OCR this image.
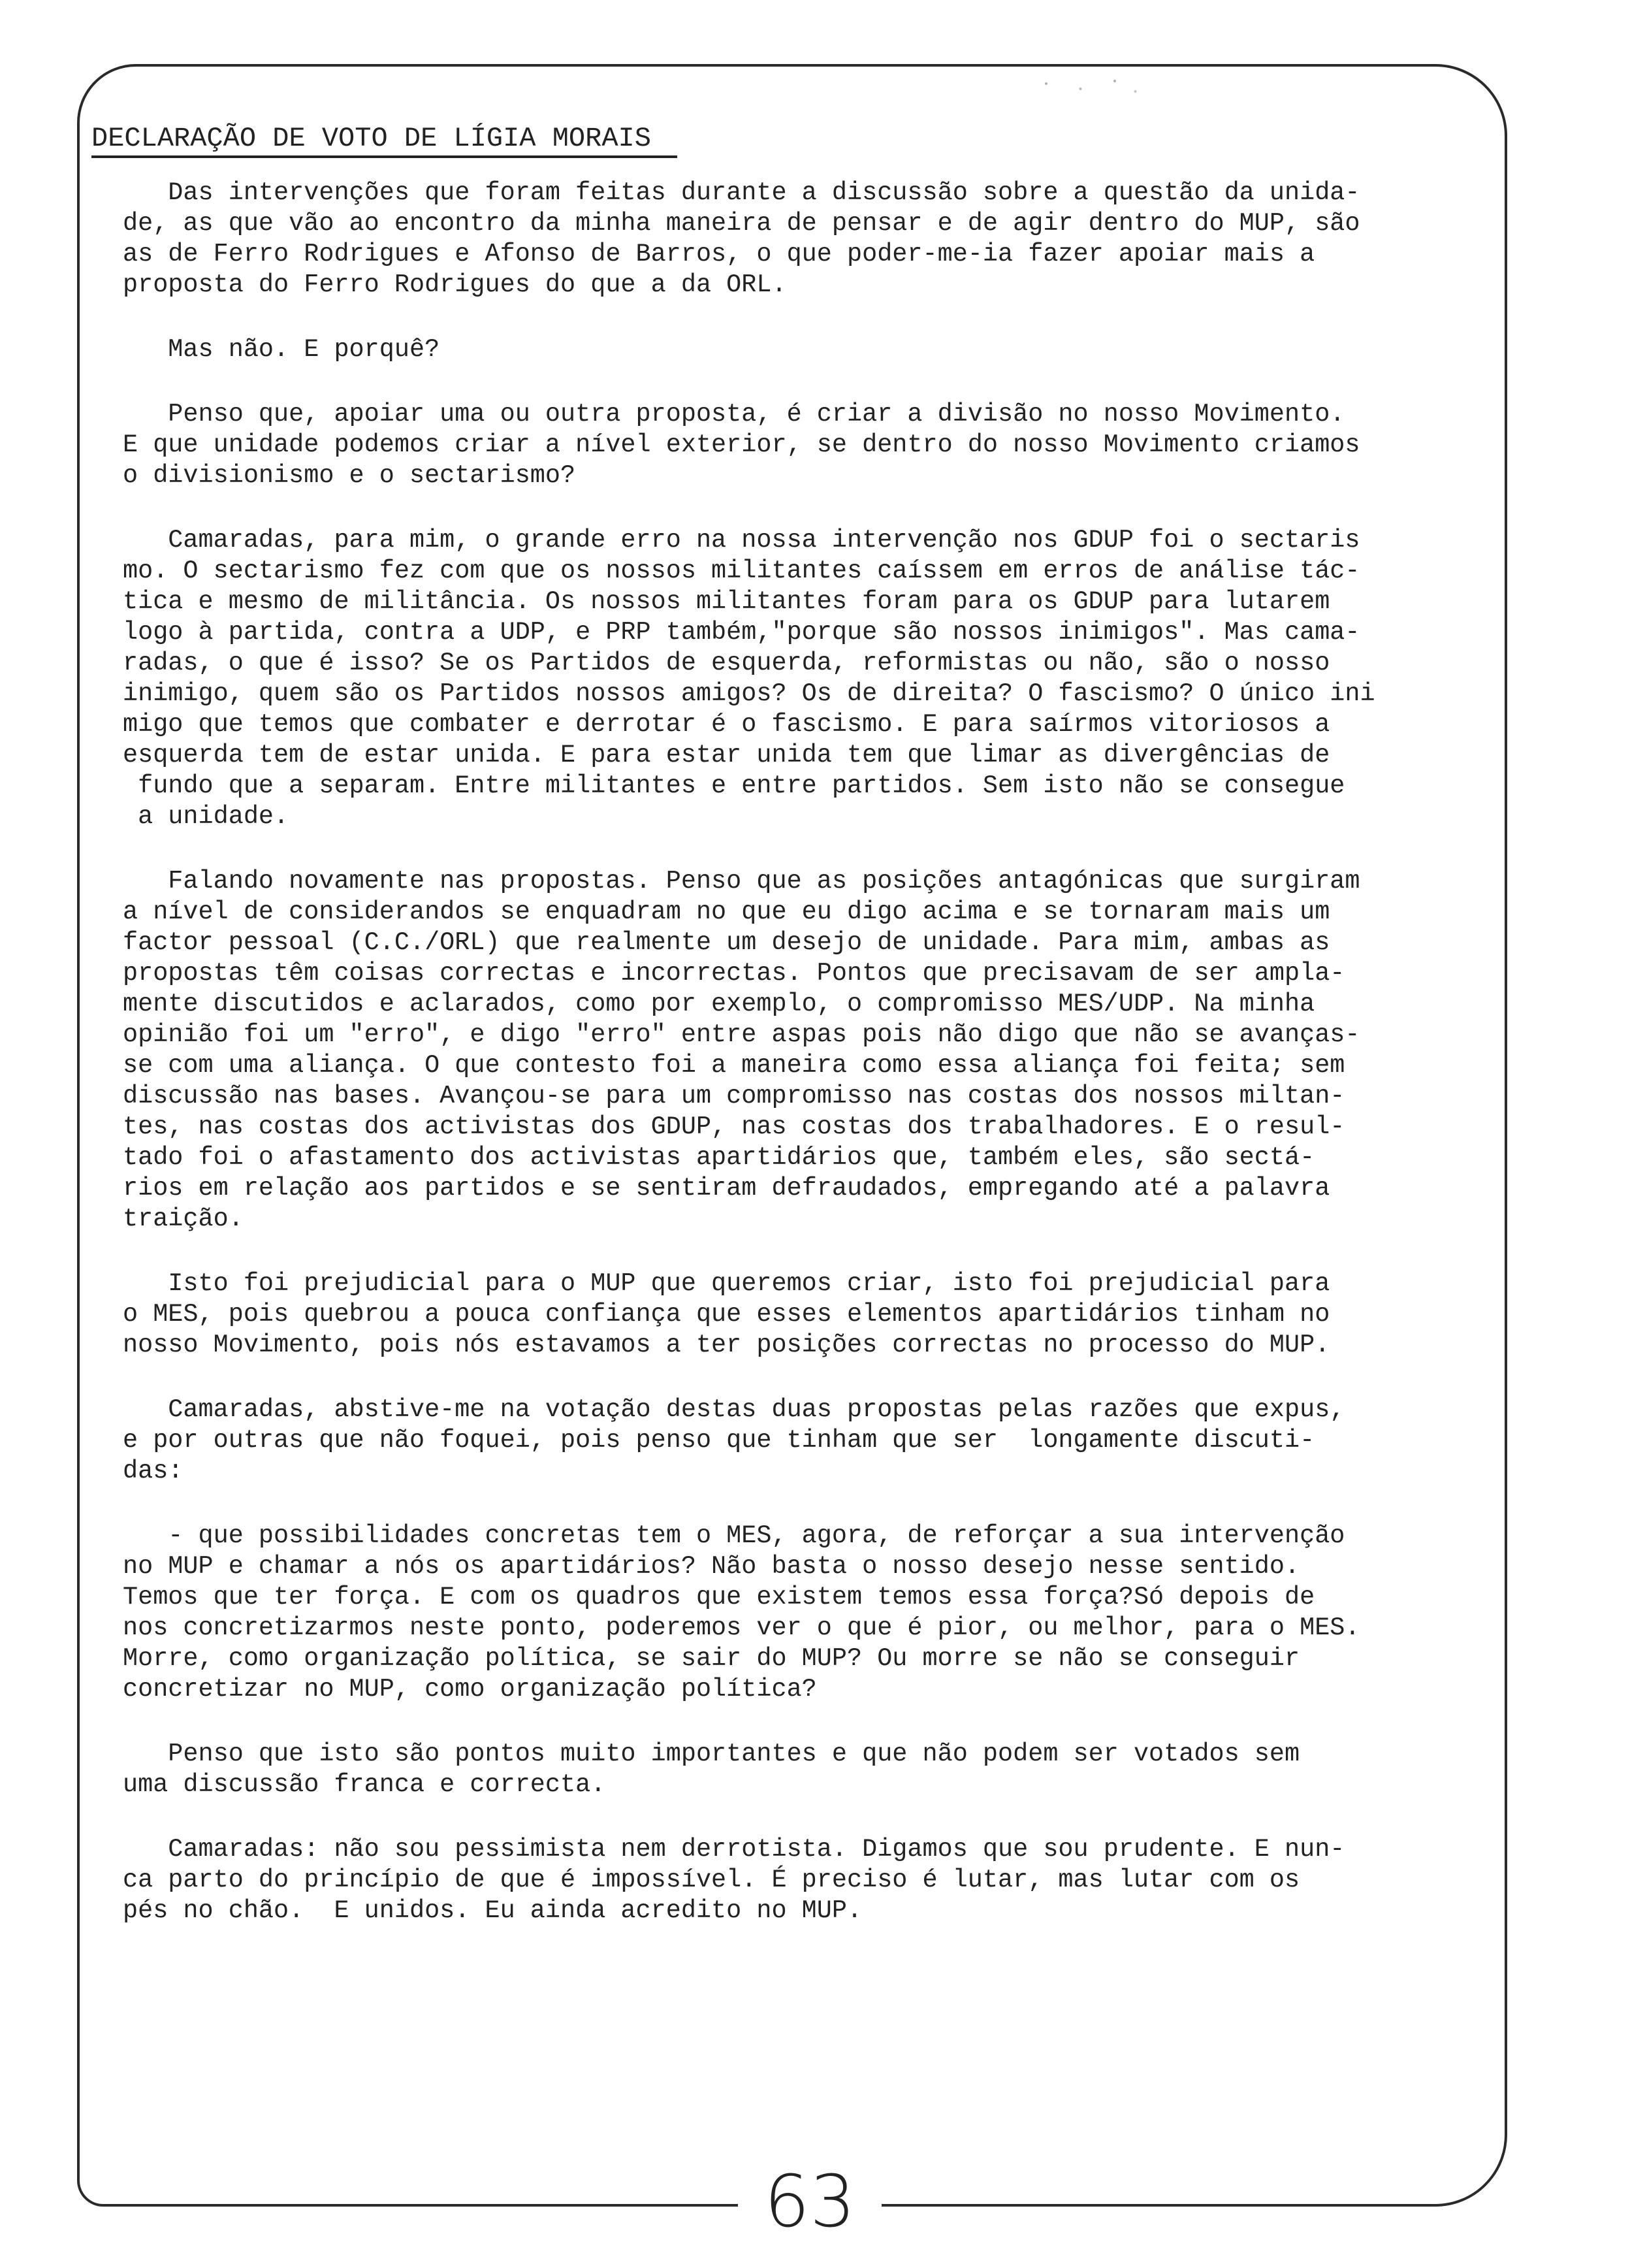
DECLARAÇÃO DE VOTO DE LÍGIA MORAIS

Das intervenções que foram feitas durante a discussão sobre a questão da unida-
de, as que vão ao encontro da minha maneira de pensar e de agir dentro do MUP, são
as de Ferro Rodrigues e Afonso de Barros, o que poder-me-ia fazer apoiar mais a
proposta do Ferro Rodrigues do que a da ORL.

Mas não. E porquê?

Penso que, apoiar uma ou outra proposta, é criar a divisão no nosso Movimento.
E que unidade podemos criar a nível exterior, se dentro do nosso Movimento criamos
o divisionismo e o sectarismo?

Camaradas, para mim, o grande erro na nossa intervenção nos GDUP foi o sectaris
mo. O sectarismo fez com que os nossos militantes caíssem em erros de análise tác-
tica e mesmo de militância. Os nossos militantes foram para os GDUP para lutarem
logo à partida, contra a UDP, e PRP também,"porque são nossos inimigos". Mas cama-
radas, o que é isso? Se os Partidos de esquerda, reformistas ou não, são o nosso
inimigo, quem são os Partidos nossos amigos? Os de direita? O fascismo? O único ini
migo que temos que combater e derrotar é o fascismo. E para saírmos vitoriosos a
esquerda tem de estar unida. E para estar unida tem que limar as divergências de
fundo que a separam. Entre militantes e entre partidos. Sem isto não se consegue
a unidade.

Falando novamente nas propostas. Penso que as posições antagónicas que surgiram
a nível de considerandos se enquadram no que eu digo acima e se tornaram mais um
factor pessoal (C.C./ORL) que realmente um desejo de unidade. Para mim, ambas as
propostas têm coisas correctas e incorrectas. Pontos que precisavam de ser ampla-
mente discutidos e aclarados, como por exemplo, o compromisso MES/UDP. Na minha
opinião foi um "erro", e digo "erro" entre aspas pois não digo que não se avanças-
se com uma aliança. O que contesto foi a maneira como essa aliança foi feita; sem
discussão nas bases. Avançou-se para um compromisso nas costas dos nossos miltan-
tes, nas costas dos activistas dos GDUP, nas costas dos trabalhadores. E o resul-
tado foi o afastamento dos activistas apartidários que, também eles, são sectá-
rios em relação aos partidos e se sentiram defraudados, empregando até a palavra
traição.

Isto foi prejudicial para o MUP que queremos criar, isto foi prejudicial para
o MES, pois quebrou a pouca confiança que esses elementos apartidários tinham no
nosso Movimento, pois nós estavamos a ter posições correctas no processo do MUP.

Camaradas, abstive-me na votação destas duas propostas pelas razões que expus,
e por outras que não foquei, pois penso que tinham que ser  longamente discuti-
das:

- que possibilidades concretas tem o MES, agora, de reforçar a sua intervenção
no MUP e chamar a nós os apartidários? Não basta o nosso desejo nesse sentido.
Temos que ter força. E com os quadros que existem temos essa força?Só depois de
nos concretizarmos neste ponto, poderemos ver o que é pior, ou melhor, para o MES.
Morre, como organização política, se sair do MUP? Ou morre se não se conseguir
concretizar no MUP, como organização política?

Penso que isto são pontos muito importantes e que não podem ser votados sem
uma discussão franca e correcta.

Camaradas: não sou pessimista nem derrotista. Digamos que sou prudente. E nun-
ca parto do princípio de que é impossível. É preciso é lutar, mas lutar com os
pés no chão.  E unidos. Eu ainda acredito no MUP.

63
